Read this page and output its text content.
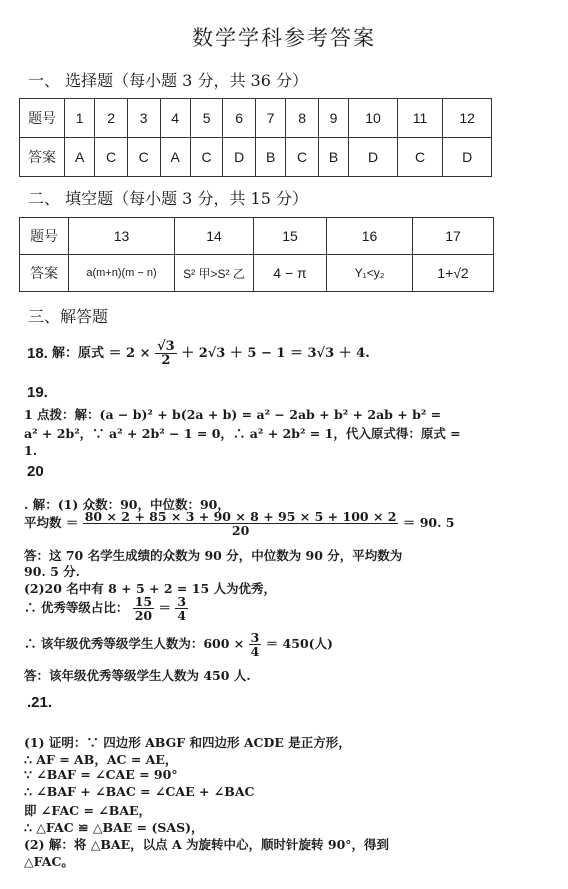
数学学科参考答案
一、 选择题（每小题 3 分，共 36 分）
题号	1	2	3	4	5	6	7	8	9	10	11	12
答案	A	C	C	A	C	D	B	C	B	D	C	D
二、 填空题（每小题 3 分，共 15 分）
题号	13	14	15	16	17
答案	a(m+n)(m − n)	S² 甲>S² 乙	4 − π	Y₁<y₂	1+√2
三、解答题
18. 解：原式 ＝ $2 \times \frac{√3}{2} + 2√3 + 5 - 1 = 3√3 + 4$.
19.
1 点拨：解：(a − b)² + b(2a + b) = a² − 2ab + b² + 2ab + b² =
a² + 2b²，∵ a² + 2b² − 1 = 0，∴ a² + 2b² = 1，代入原式得：原式 =
1.
20
. 解：(1) 众数：90，中位数：90，
平均数 ＝ $\frac{80 \times 2 + 85 \times 3 + 90 \times 8 + 95 \times 5 + 100 \times 2}{20} = 90$. 5
答：这 70 名学生成绩的众数为 90 分，中位数为 90 分，平均数为
90. 5 分.
(2)20 名中有 8 + 5 + 2 = 15 人为优秀，
∴ 优秀等级占比： $\frac{15}{20} = \frac{3}{4}$
∴ 该年级优秀等级学生人数为：$600 \times \frac{3}{4} = 450$(人)
答：该年级优秀等级学生人数为 450 人.
.21.
(1) 证明：∵ 四边形 ABGF 和四边形 ACDE 是正方形，
∴ AF = AB，AC = AE，
∵ ∠BAF = ∠CAE = 90°
∴ ∠BAF + ∠BAC = ∠CAE + ∠BAC
即 ∠FAC = ∠BAE，
∴ △FAC ≌ △BAE = (SAS)，
(2) 解：将 △BAE，以点 A 为旋转中心，顺时针旋转 90°，得到
△FAC。
